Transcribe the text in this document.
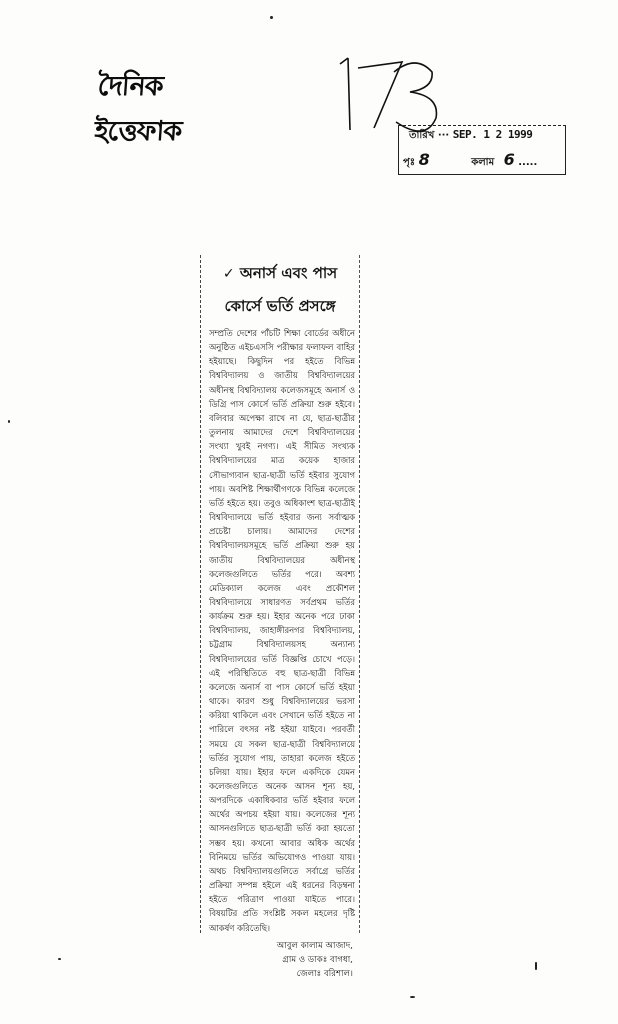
দৈনিক ইত্তেফাক	তারিখ ··· SEP. 1 2 1999
পৃঃ 8	কলাম 6 .....
✓ অনার্স এবং পাস
কোর্সে ভর্তি প্রসঙ্গে
সম্প্রতি দেশের পাঁচটি শিক্ষা বোর্ডের অধীনে অনুষ্ঠিত এইচএসসি পরীক্ষার ফলাফল বাহির হইয়াছে। কিছুদিন পর হইতে বিভিন্ন বিশ্ববিদ্যালয় ও জাতীয় বিশ্ববিদ্যালয়ের অধীনস্থ বিশ্ববিদ্যালয় কলেজসমূহে অনার্স ও ডিগ্রি পাস কোর্সে ভর্তি প্রক্রিয়া শুরু হইবে। বলিবার অপেক্ষা রাখে না যে, ছাত্র-ছাত্রীর তুলনায় আমাদের দেশে বিশ্ববিদ্যালয়ের সংখ্যা খুবই নগণ্য। এই সীমিত সংখ্যক বিশ্ববিদ্যালয়ের মাত্র কয়েক হাজার সৌভাগ্যবান ছাত্র-ছাত্রী ভর্তি হইবার সুযোগ পায়। অবশিষ্ট শিক্ষার্থীগণকে বিভিন্ন কলেজে ভর্তি হইতে হয়। তবুও অধিকাংশ ছাত্র-ছাত্রীই বিশ্ববিদ্যালয়ে ভর্তি হইবার জন্য সর্বাত্মক প্রচেষ্টা চালায়। আমাদের দেশের বিশ্ববিদ্যালয়সমূহে ভর্তি প্রক্রিয়া শুরু হয় জাতীয় বিশ্ববিদ্যালয়ের অধীনস্থ কলেজগুলিতে ভর্তির পরে। অবশ্য মেডিক্যাল কলেজ এবং প্রকৌশল বিশ্ববিদ্যালয়ে সাধারণত সর্বপ্রথম ভর্তির কার্যক্রম শুরু হয়। ইহার অনেক পরে ঢাকা বিশ্ববিদ্যালয়, জাহাঙ্গীরনগর বিশ্ববিদ্যালয়, চট্টগ্রাম বিশ্ববিদ্যালয়সহ অন্যান্য বিশ্ববিদ্যালয়ের ভর্তি বিজ্ঞপ্তি চোখে পড়ে। এই পরিস্থিতিতে বহু ছাত্র-ছাত্রী বিভিন্ন কলেজে অনার্স বা পাস কোর্সে ভর্তি হইয়া থাকে। কারণ শুধু বিশ্ববিদ্যালয়ের ভরসা করিয়া থাকিলে এবং সেখানে ভর্তি হইতে না পারিলে বৎসর নষ্ট হইয়া যাইবে। পরবর্তী সময়ে যে সকল ছাত্র-ছাত্রী বিশ্ববিদ্যালয়ে ভর্তির সুযোগ পায়, তাহারা কলেজ হইতে চলিয়া যায়। ইহার ফলে একদিকে যেমন কলেজগুলিতে অনেক আসন শূন্য হয়, অপরদিকে একাধিকবার ভর্তি হইবার ফলে অর্থের অপচয় হইয়া যায়। কলেজের শূন্য আসনগুলিতে ছাত্র-ছাত্রী ভর্তি করা হয়তো সম্ভব হয়। কখনো আবার অধিক অর্থের বিনিময়ে ভর্তির অভিযোগও পাওয়া যায়। অথচ বিশ্ববিদ্যালয়গুলিতে সর্বাগ্রে ভর্তির প্রক্রিয়া সম্পন্ন হইলে এই ধরনের বিড়ম্বনা হইতে পরিত্রাণ পাওয়া যাইতে পারে। বিষয়টির প্রতি সংশ্লিষ্ট সকল মহলের দৃষ্টি আকর্ষণ করিতেছি।
আবুল কালাম আজাদ,
গ্রাম ও ডাকঃ বাগধা,
জেলাঃ বরিশাল।
